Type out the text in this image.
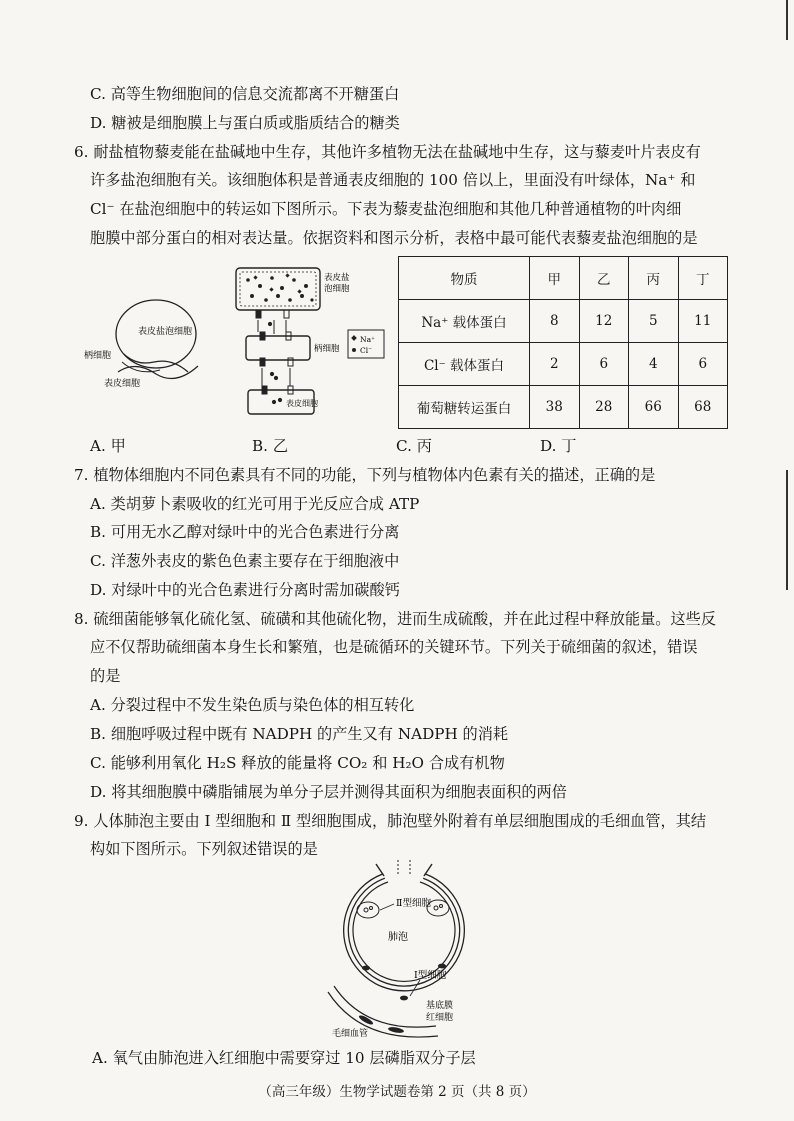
C. 高等生物细胞间的信息交流都离不开糖蛋白
D. 糖被是细胞膜上与蛋白质或脂质结合的糖类
6. 耐盐植物藜麦能在盐碱地中生存，其他许多植物无法在盐碱地中生存，这与藜麦叶片表皮有
许多盐泡细胞有关。该细胞体积是普通表皮细胞的 100 倍以上，里面没有叶绿体，Na⁺ 和
Cl⁻ 在盐泡细胞中的转运如下图所示。下表为藜麦盐泡细胞和其他几种普通植物的叶肉细
胞膜中部分蛋白的相对表达量。依据资料和图示分析，表格中最可能代表藜麦盐泡细胞的是
表皮盐泡细胞
柄细胞
表皮细胞
表皮盐
泡细胞
柄细胞
表皮细胞
Na⁺
Cl⁻
物质	甲	乙	丙	丁
Na⁺ 载体蛋白	8	12	5	11
Cl⁻ 载体蛋白	2	6	4	6
葡萄糖转运蛋白	38	28	66	68
A. 甲	B. 乙	C. 丙	D. 丁
7. 植物体细胞内不同色素具有不同的功能，下列与植物体内色素有关的描述，正确的是
A. 类胡萝卜素吸收的红光可用于光反应合成 ATP
B. 可用无水乙醇对绿叶中的光合色素进行分离
C. 洋葱外表皮的紫色色素主要存在于细胞液中
D. 对绿叶中的光合色素进行分离时需加碳酸钙
8. 硫细菌能够氧化硫化氢、硫磺和其他硫化物，进而生成硫酸，并在此过程中释放能量。这些反
应不仅帮助硫细菌本身生长和繁殖，也是硫循环的关键环节。下列关于硫细菌的叙述，错误
的是
A. 分裂过程中不发生染色质与染色体的相互转化
B. 细胞呼吸过程中既有 NADPH 的产生又有 NADPH 的消耗
C. 能够利用氧化 H₂S 释放的能量将 CO₂ 和 H₂O 合成有机物
D. 将其细胞膜中磷脂铺展为单分子层并测得其面积为细胞表面积的两倍
9. 人体肺泡主要由 Ⅰ 型细胞和 Ⅱ 型细胞围成，肺泡壁外附着有单层细胞围成的毛细血管，其结
构如下图所示。下列叙述错误的是
Ⅱ型细胞
肺泡
Ⅰ型细胞
基底膜
红细胞
毛细血管
A. 氧气由肺泡进入红细胞中需要穿过 10 层磷脂双分子层
（高三年级）生物学试题卷第 2 页（共 8 页）
